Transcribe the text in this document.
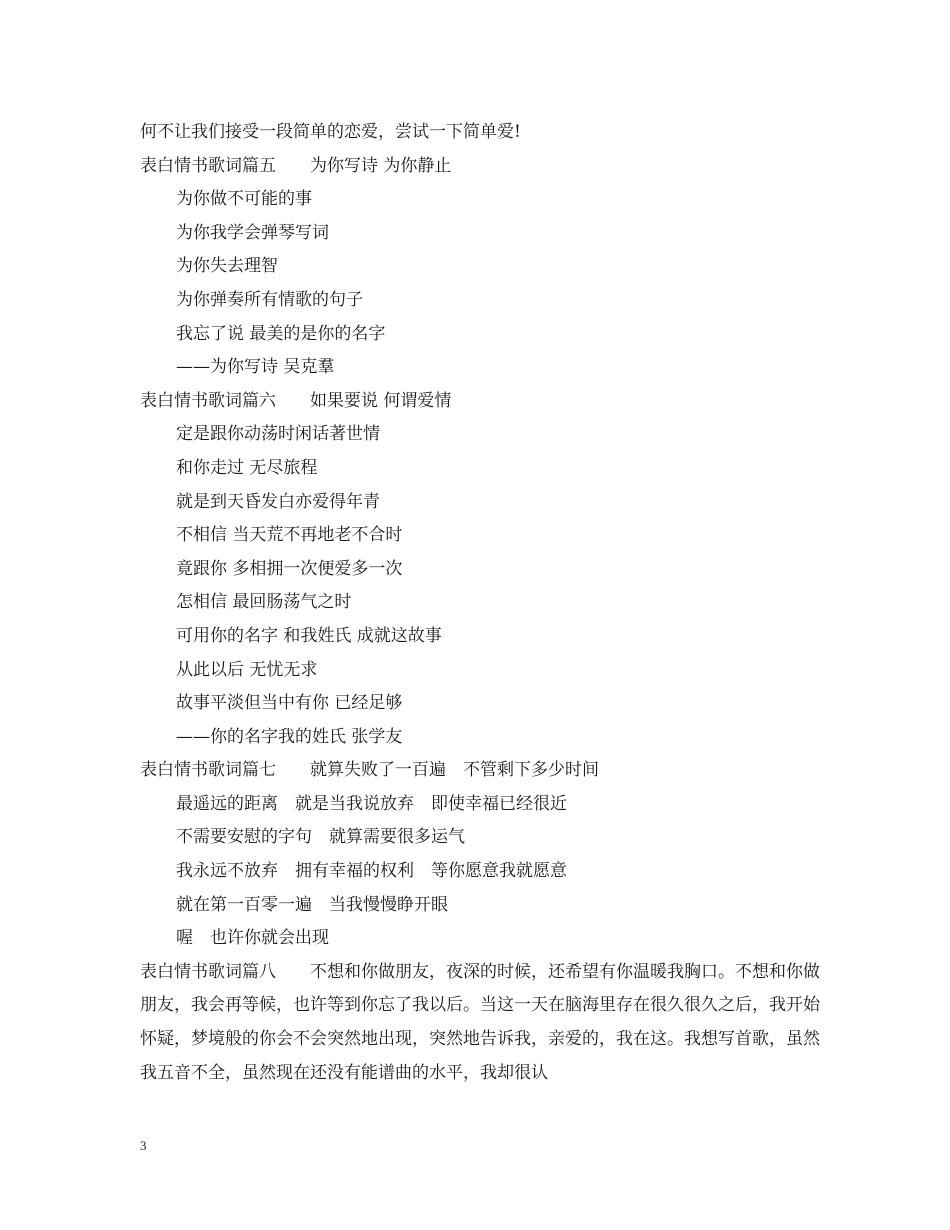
何不让我们接受一段简单的恋爱，尝试一下简单爱!
表白情书歌词篇五　　为你写诗 为你静止
为你做不可能的事
为你我学会弹琴写词
为你失去理智
为你弹奏所有情歌的句子
我忘了说 最美的是你的名字
——为你写诗 吴克羣
表白情书歌词篇六　　如果要说 何谓爱情
定是跟你动荡时闲话著世情
和你走过 无尽旅程
就是到天昏发白亦爱得年青
不相信 当天荒不再地老不合时
竟跟你 多相拥一次便爱多一次
怎相信 最回肠荡气之时
可用你的名字 和我姓氏 成就这故事
从此以后 无忧无求
故事平淡但当中有你 已经足够
——你的名字我的姓氏 张学友
表白情书歌词篇七　　就算失败了一百遍　不管剩下多少时间
最遥远的距离　就是当我说放弃　即使幸福已经很近
不需要安慰的字句　就算需要很多运气
我永远不放弃　拥有幸福的权利　等你愿意我就愿意
就在第一百零一遍　当我慢慢睁开眼
喔　也许你就会出现
表白情书歌词篇八　　不想和你做朋友，夜深的时候，还希望有你温暖我胸口。不想和你做朋友，我会再等候，也许等到你忘了我以后。当这一天在脑海里存在很久很久之后，我开始怀疑，梦境般的你会不会突然地出现，突然地告诉我，亲爱的，我在这。我想写首歌，虽然我五音不全，虽然现在还没有能谱曲的水平，我却很认
3
